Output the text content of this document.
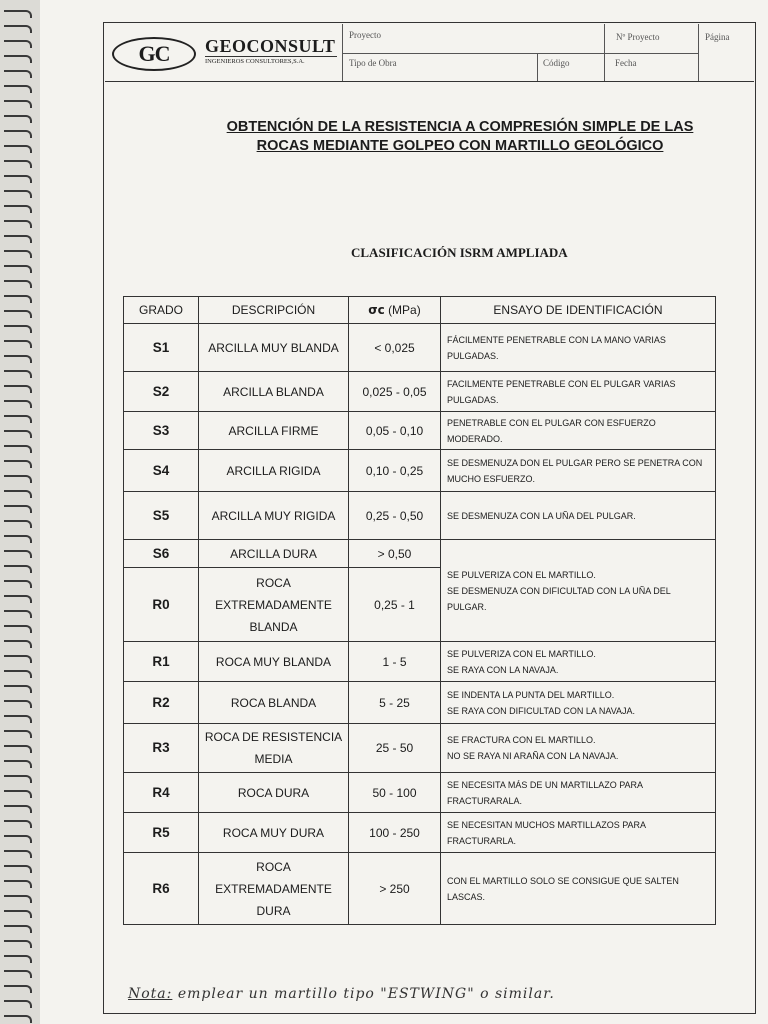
GC	GEOCONSULT
INGENIEROS CONSULTORES,S.A.
Proyecto	Nº Proyecto	Página
Tipo de Obra	Código	Fecha
OBTENCIÓN DE LA RESISTENCIA A COMPRESIÓN SIMPLE DE LAS
ROCAS MEDIANTE GOLPEO CON MARTILLO GEOLÓGICO
CLASIFICACIÓN ISRM AMPLIADA
GRADO	DESCRIPCIÓN	σc (MPa)	ENSAYO DE IDENTIFICACIÓN
S1	ARCILLA MUY BLANDA	< 0,025	FÁCILMENTE PENETRABLE CON LA MANO VARIAS PULGADAS.
S2	ARCILLA BLANDA	0,025 - 0,05	FACILMENTE PENETRABLE CON EL PULGAR VARIAS PULGADAS.
S3	ARCILLA FIRME	0,05 - 0,10	PENETRABLE CON EL PULGAR CON ESFUERZO MODERADO.
S4	ARCILLA RIGIDA	0,10 - 0,25	SE DESMENUZA DON EL PULGAR PERO SE PENETRA CON MUCHO ESFUERZO.
S5	ARCILLA MUY RIGIDA	0,25 - 0,50	SE DESMENUZA CON LA UÑA DEL PULGAR.
S6	ARCILLA DURA	> 0,50	SE PULVERIZA CON EL MARTILLO.
SE DESMENUZA CON DIFICULTAD CON LA UÑA DEL PULGAR.

R0	ROCA EXTREMADAMENTE BLANDA	0,25 - 1	
R1	ROCA MUY BLANDA	1 - 5	SE PULVERIZA CON EL MARTILLO.
SE RAYA CON LA NAVAJA.

R2	ROCA BLANDA	5 - 25	SE INDENTA LA PUNTA DEL MARTILLO.
SE RAYA CON DIFICULTAD CON LA NAVAJA.

R3	ROCA DE RESISTENCIA MEDIA	25 - 50	SE FRACTURA CON EL MARTILLO.
NO SE RAYA NI ARAÑA CON LA NAVAJA.

R4	ROCA DURA	50 - 100	SE NECESITA MÁS DE UN MARTILLAZO PARA FRACTURARALA.
R5	ROCA MUY DURA	100 - 250	SE NECESITAN MUCHOS MARTILLAZOS PARA FRACTURARLA.
R6	ROCA EXTREMADAMENTE DURA	> 250	CON EL MARTILLO SOLO SE CONSIGUE QUE SALTEN LASCAS.
Nota: emplear un martillo tipo "ESTWING" o similar.
